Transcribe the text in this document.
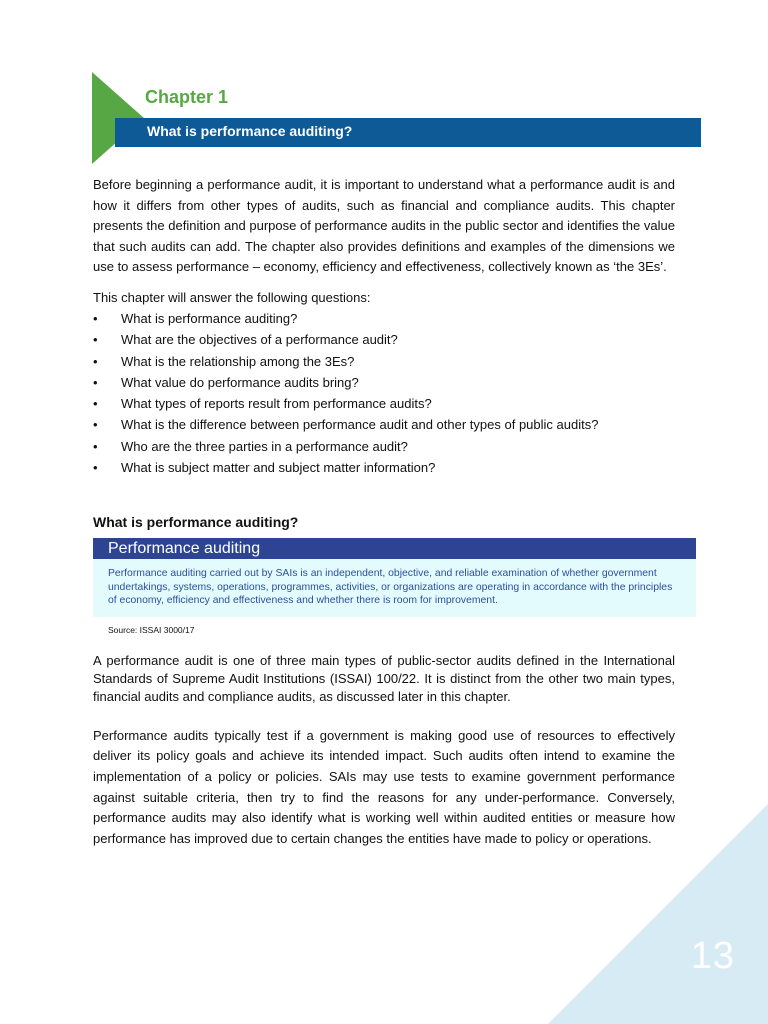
13
Chapter 1
What is performance auditing?

Before beginning a performance audit, it is important to understand what a performance audit is and how it differs from other types of audits, such as financial and compliance audits. This chapter presents the definition and purpose of performance audits in the public sector and identifies the value that such audits can add. The chapter also provides definitions and examples of the dimensions we use to assess performance – economy, efficiency and effectiveness, collectively known as ‘the 3Es’.

This chapter will answer the following questions:

• What is performance auditing?
• What are the objectives of a performance audit?
• What is the relationship among the 3Es?
• What value do performance audits bring?
• What types of reports result from performance audits?
• What is the difference between performance audit and other types of public audits?
• Who are the three parties in a performance audit?
• What is subject matter and subject matter information?
What is performance auditing?
Performance auditing
Performance auditing carried out by SAIs is an independent, objective, and reliable examination of whether government undertakings, systems, operations, programmes, activities, or organizations are operating in accordance with the principles of economy, efficiency and effectiveness and whether there is room for improvement.
Source: ISSAI 3000/17

A performance audit is one of three main types of public-sector audits defined in the International Standards of Supreme Audit Institutions (ISSAI) 100/22. It is distinct from the other two main types, financial audits and compliance audits, as discussed later in this chapter.

Performance audits typically test if a government is making good use of resources to effectively deliver its policy goals and achieve its intended impact. Such audits often intend to examine the implementation of a policy or policies. SAIs may use tests to examine government performance against suitable criteria, then try to find the reasons for any under-performance. Conversely, performance audits may also identify what is working well within audited entities or measure how performance has improved due to certain changes the entities have made to policy or operations.
